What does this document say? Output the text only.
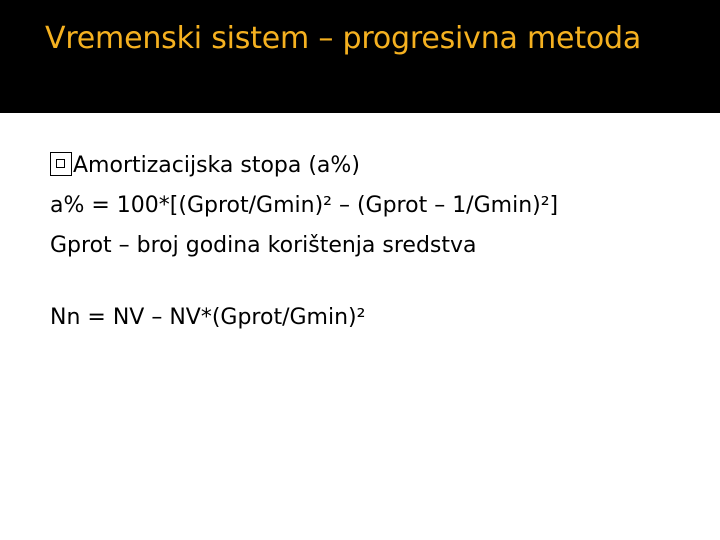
Vremenski sistem – progresivna metoda
Amortizacijska stopa (a%)
a% = 100*[(Gprot/Gmin)² – (Gprot – 1/Gmin)²]
Gprot – broj godina korištenja sredstva
Nn = NV – NV*(Gprot/Gmin)²
